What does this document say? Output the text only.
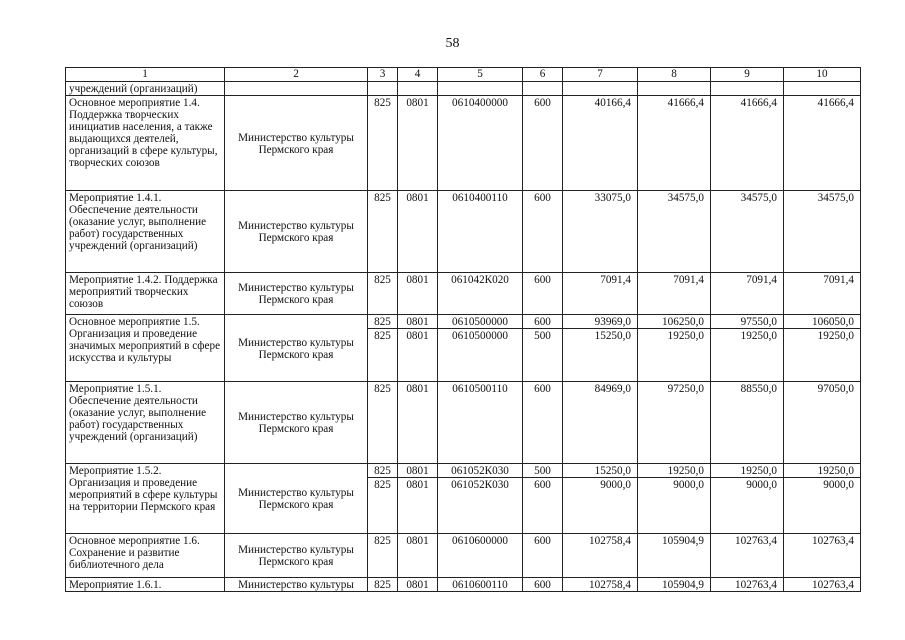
58
1	2	3	4	5	6	7	8	9	10
учреждений (организаций)									
Основное мероприятие 1.4. Поддержка творческих инициатив населения, а также выдающихся деятелей, организаций в сфере культуры, творческих союзов	Министерство культуры Пермского края	825	0801	0610400000	600	40166,4	41666,4	41666,4	41666,4
Мероприятие 1.4.1. Обеспечение деятельности (оказание услуг, выполнение работ) государственных учреждений (организаций)	Министерство культуры Пермского края	825	0801	0610400110	600	33075,0	34575,0	34575,0	34575,0
Мероприятие 1.4.2. Поддержка мероприятий творческих союзов	Министерство культуры Пермского края	825	0801	061042К020	600	7091,4	7091,4	7091,4	7091,4
Основное мероприятие 1.5. Организация и проведение значимых мероприятий в сфере искусства и культуры	Министерство культуры Пермского края	825	0801	0610500000	600	93969,0	106250,0	97550,0	106050,0
		825	0801	0610500000	500	15250,0	19250,0	19250,0	19250,0
Мероприятие 1.5.1. Обеспечение деятельности (оказание услуг, выполнение работ) государственных учреждений (организаций)	Министерство культуры Пермского края	825	0801	0610500110	600	84969,0	97250,0	88550,0	97050,0
Мероприятие 1.5.2. Организация и проведение мероприятий в сфере культуры на территории Пермского края	Министерство культуры Пермского края	825	0801	061052К030	500	15250,0	19250,0	19250,0	19250,0
		825	0801	061052К030	600	9000,0	9000,0	9000,0	9000,0
Основное мероприятие 1.6. Сохранение и развитие библиотечного дела	Министерство культуры Пермского края	825	0801	0610600000	600	102758,4	105904,9	102763,4	102763,4
Мероприятие 1.6.1.	Министерство культуры	825	0801	0610600110	600	102758,4	105904,9	102763,4	102763,4
